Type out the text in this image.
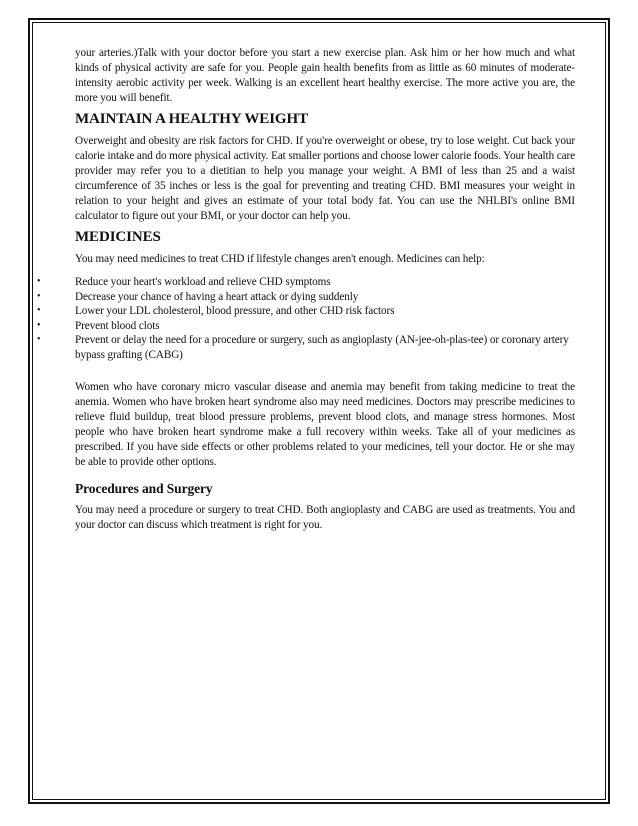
your arteries.)Talk with your doctor before you start a new exercise plan. Ask him or her how much and what kinds of physical activity are safe for you. People gain health benefits from as little as 60 minutes of moderate-intensity aerobic activity per week. Walking is an excellent heart healthy exercise. The more active you are, the more you will benefit.

MAINTAIN A HEALTHY WEIGHT

Overweight and obesity are risk factors for CHD. If you're overweight or obese, try to lose weight. Cut back your calorie intake and do more physical activity. Eat smaller portions and choose lower calorie foods. Your health care provider may refer you to a dietitian to help you manage your weight. A BMI of less than 25 and a waist circumference of 35 inches or less is the goal for preventing and treating CHD. BMI measures your weight in relation to your height and gives an estimate of your total body fat. You can use the NHLBI's online BMI calculator to figure out your BMI, or your doctor can help you.

MEDICINES

You may need medicines to treat CHD if lifestyle changes aren't enough. Medicines can help:

•	Reduce your heart's workload and relieve CHD symptoms
•	Decrease your chance of having a heart attack or dying suddenly
•	Lower your LDL cholesterol, blood pressure, and other CHD risk factors
•	Prevent blood clots
•	Prevent or delay the need for a procedure or surgery, such as angioplasty (AN-jee-oh-plas-tee) or coronary artery bypass grafting (CABG)

Women who have coronary micro vascular disease and anemia may benefit from taking medicine to treat the anemia. Women who have broken heart syndrome also may need medicines. Doctors may prescribe medicines to relieve fluid buildup, treat blood pressure problems, prevent blood clots, and manage stress hormones. Most people who have broken heart syndrome make a full recovery within weeks. Take all of your medicines as prescribed. If you have side effects or other problems related to your medicines, tell your doctor. He or she may be able to provide other options.

Procedures and Surgery

You may need a procedure or surgery to treat CHD. Both angioplasty and CABG are used as treatments. You and your doctor can discuss which treatment is right for you.
